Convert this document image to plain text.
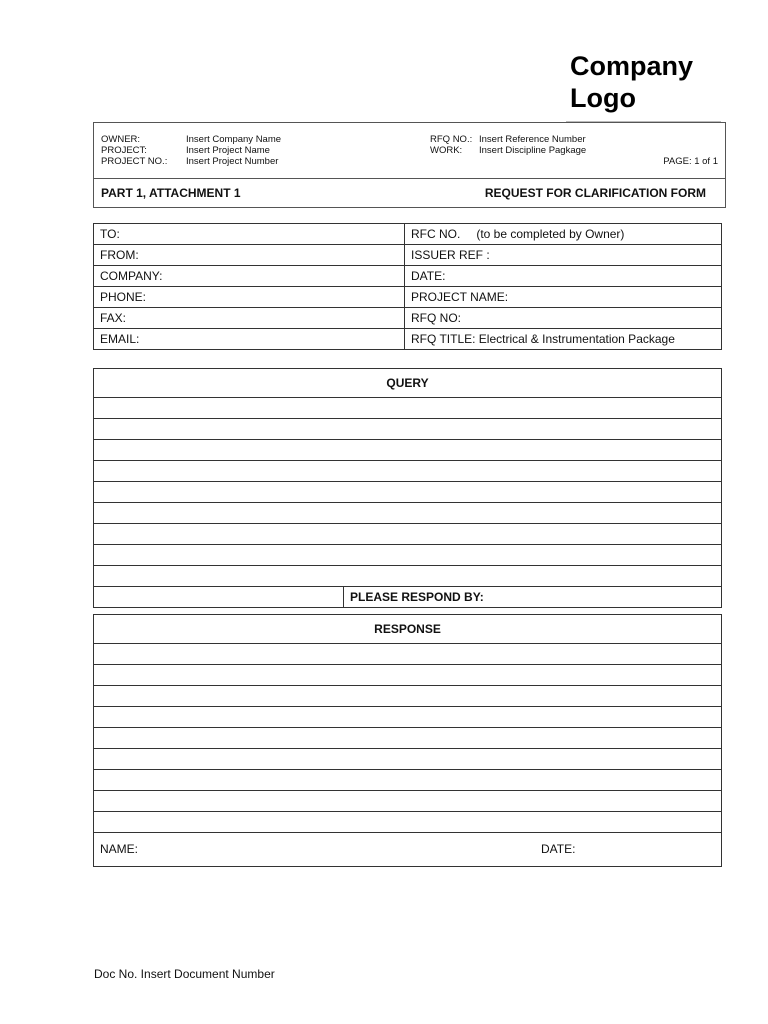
Company
Logo
OWNER:	Insert Company Name
PROJECT:	Insert Project Name
PROJECT NO.: Insert Project Number
RFQ NO.: Insert Reference Number
WORK: Insert Discipline Pagkage
PAGE: 1 of 1
PART 1, ATTACHMENT 1	REQUEST FOR CLARIFICATION FORM
TO:	RFC NO. (to be completed by Owner)
FROM:	ISSUER REF :
COMPANY:	DATE:
PHONE:	PROJECT NAME:
FAX:	RFQ NO:
EMAIL:	RFQ TITLE: Electrical & Instrumentation Package
QUERY
PLEASE RESPOND BY:
RESPONSE
NAME:	DATE:
Doc No. Insert Document Number
